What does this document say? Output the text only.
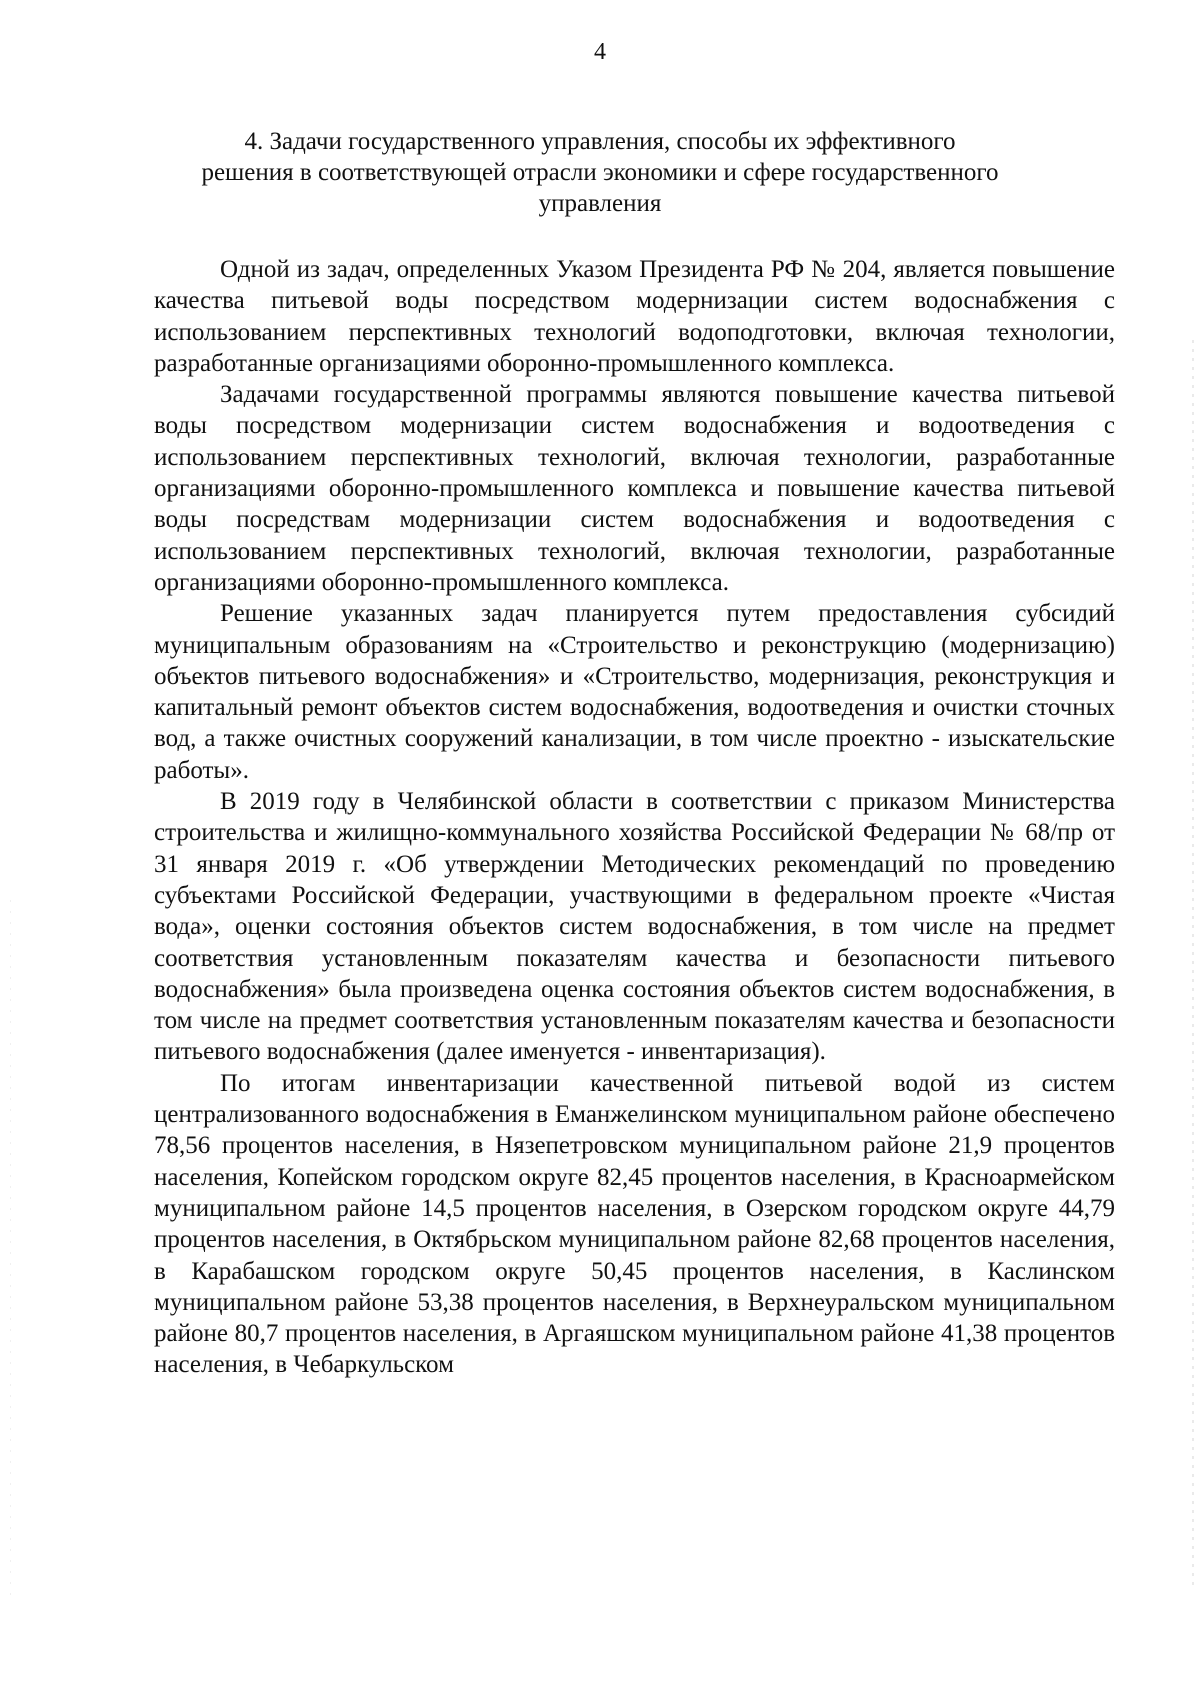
4
4. Задачи государственного управления, способы их эффективного
решения в соответствующей отрасли экономики и сфере государственного
управления

Одной из задач, определенных Указом Президента РФ № 204, является повышение качества питьевой воды посредством модернизации систем водоснабжения с использованием перспективных технологий водоподготовки, включая технологии, разработанные организациями оборонно-промышленного комплекса.

Задачами государственной программы являются повышение качества питьевой воды посредством модернизации систем водоснабжения и водоотведения с использованием перспективных технологий, включая технологии, разработанные организациями оборонно-промышленного комплекса и повышение качества питьевой воды посредствам модернизации систем водоснабжения и водоотведения с использованием перспективных технологий, включая технологии, разработанные организациями оборонно-промышленного комплекса.

Решение указанных задач планируется путем предоставления субсидий муниципальным образованиям на «Строительство и реконструкцию (модернизацию) объектов питьевого водоснабжения» и «Строительство, модернизация, реконструкция и капитальный ремонт объектов систем водоснабжения, водоотведения и очистки сточных вод, а также очистных сооружений канализации, в том числе проектно - изыскательские работы».

В 2019 году в Челябинской области в соответствии с приказом Министерства строительства и жилищно-коммунального хозяйства Российской Федерации № 68/пр от 31 января 2019 г. «Об утверждении Методических рекомендаций по проведению субъектами Российской Федерации, участвующими в федеральном проекте «Чистая вода», оценки состояния объектов систем водоснабжения, в том числе на предмет соответствия установленным показателям качества и безопасности питьевого водоснабжения» была произведена оценка состояния объектов систем водоснабжения, в том числе на предмет соответствия установленным показателям качества и безопасности питьевого водоснабжения (далее именуется - инвентаризация).

По итогам инвентаризации качественной питьевой водой из систем централизованного водоснабжения в Еманжелинском муниципальном районе обеспечено 78,56 процентов населения, в Нязепетровском муниципальном районе 21,9 процентов населения, Копейском городском округе 82,45 процентов населения, в Красноармейском муниципальном районе 14,5 процентов населения, в Озерском городском округе 44,79 процентов населения, в Октябрьском муниципальном районе 82,68 процентов населения, в Карабашском городском округе 50,45 процентов населения, в Каслинском муниципальном районе 53,38 процентов населения, в Верхнеуральском муниципальном районе 80,7 процентов населения, в Аргаяшском муниципальном районе 41,38 процентов населения, в Чебаркульском
